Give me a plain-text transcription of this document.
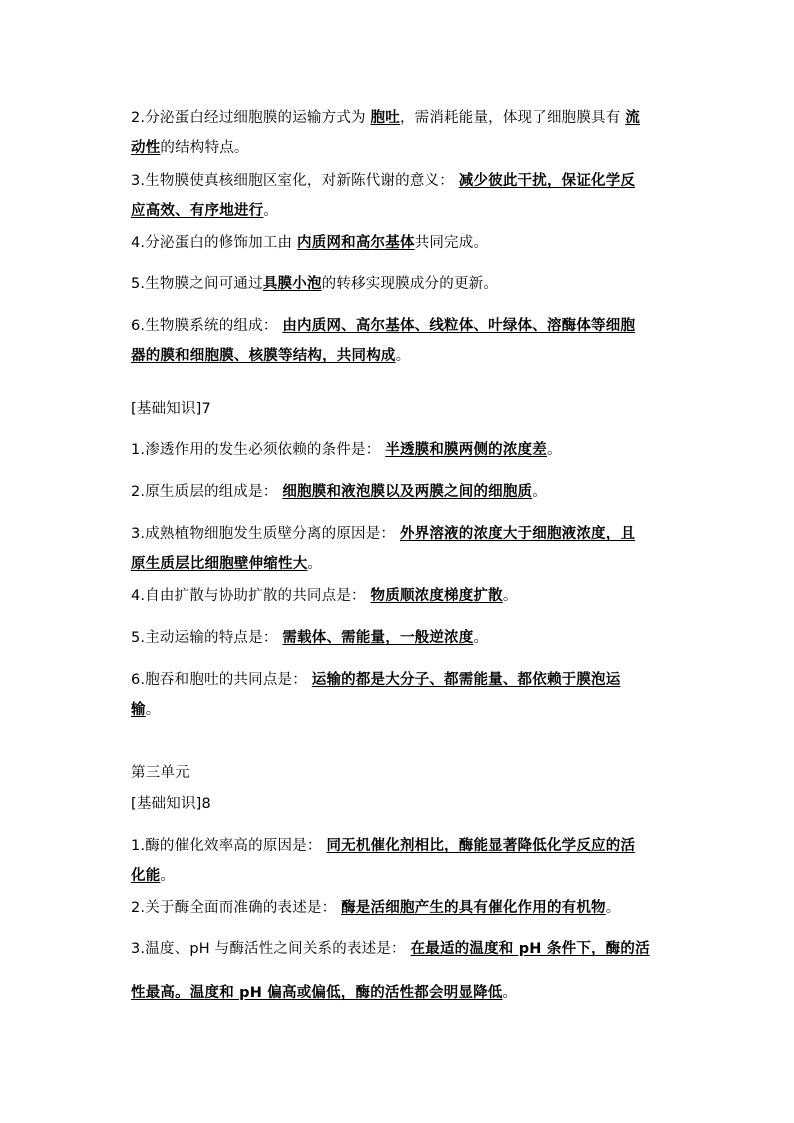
2.分泌蛋白经过细胞膜的运输方式为 胞吐，需消耗能量，体现了细胞膜具有 流

动性的结构特点。

3.生物膜使真核细胞区室化，对新陈代谢的意义： 减少彼此干扰，保证化学反

应高效、有序地进行。

4.分泌蛋白的修饰加工由 内质网和高尔基体共同完成。

5.生物膜之间可通过具膜小泡的转移实现膜成分的更新。

6.生物膜系统的组成： 由内质网、高尔基体、线粒体、叶绿体、溶酶体等细胞

器的膜和细胞膜、核膜等结构，共同构成。

[基础知识]7

1.渗透作用的发生必须依赖的条件是： 半透膜和膜两侧的浓度差。

2.原生质层的组成是： 细胞膜和液泡膜以及两膜之间的细胞质。

3.成熟植物细胞发生质壁分离的原因是： 外界溶液的浓度大于细胞液浓度，且

原生质层比细胞壁伸缩性大。

4.自由扩散与协助扩散的共同点是： 物质顺浓度梯度扩散。

5.主动运输的特点是： 需载体、需能量，一般逆浓度。

6.胞吞和胞吐的共同点是： 运输的都是大分子、都需能量、都依赖于膜泡运

输。

第三单元

[基础知识]8

1.酶的催化效率高的原因是： 同无机催化剂相比，酶能显著降低化学反应的活

化能。

2.关于酶全面而准确的表述是： 酶是活细胞产生的具有催化作用的有机物。

3.温度、pH 与酶活性之间关系的表述是： 在最适的温度和 pH 条件下，酶的活

性最高。温度和 pH 偏高或偏低，酶的活性都会明显降低。
